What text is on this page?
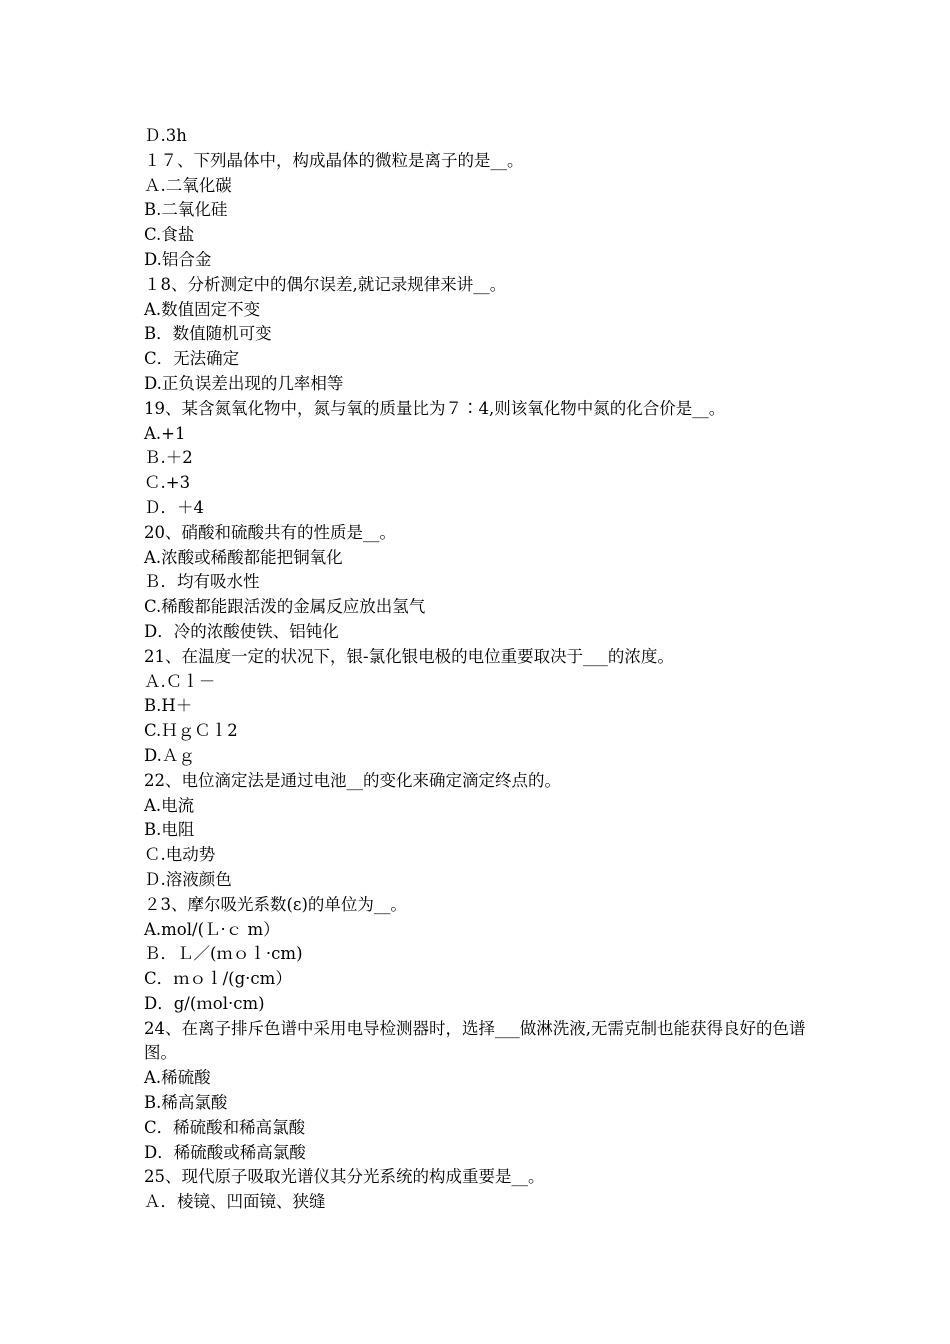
Ｄ.3h
１７、下列晶体中，构成晶体的微粒是离子的是__。
Ａ.二氧化碳
B.二氧化硅
C.食盐
D.铝合金
１8、分析测定中的偶尔误差,就记录规律来讲__。
A.数值固定不变
B．数值随机可变
C．无法确定
D.正负误差出现的几率相等
19、某含氮氧化物中，氮与氧的质量比为７∶4,则该氧化物中氮的化合价是__。
A.+1
Ｂ.＋2
Ｃ.+3
Ｄ．＋4
20、硝酸和硫酸共有的性质是__。
A.浓酸或稀酸都能把铜氧化
Ｂ．均有吸水性
C.稀酸都能跟活泼的金属反应放出氢气
D．冷的浓酸使铁、铝钝化
21、在温度一定的状况下，银-氯化银电极的电位重要取决于___的浓度。
Ａ.Ｃｌ－
B.H＋
C.ＨｇＣｌ2
D.Ａｇ
22、电位滴定法是通过电池__的变化来确定滴定终点的。
A.电流
B.电阻
Ｃ.电动势
Ｄ.溶液颜色
２3、摩尔吸光系数(ε)的单位为__。
A.mol/(Ｌ·ｃ m）
Ｂ．Ｌ／(ｍｏｌ·cm)
C．ｍｏｌ/(g·cm）
D．g/(ｍol·cm)
24、在离子排斥色谱中采用电导检测器时，选择___做淋洗液,无需克制也能获得良好的色谱图。
A.稀硫酸
B.稀高氯酸
C．稀硫酸和稀高氯酸
D．稀硫酸或稀高氯酸
25、现代原子吸取光谱仪其分光系统的构成重要是__。
Ａ．棱镜、凹面镜、狭缝
